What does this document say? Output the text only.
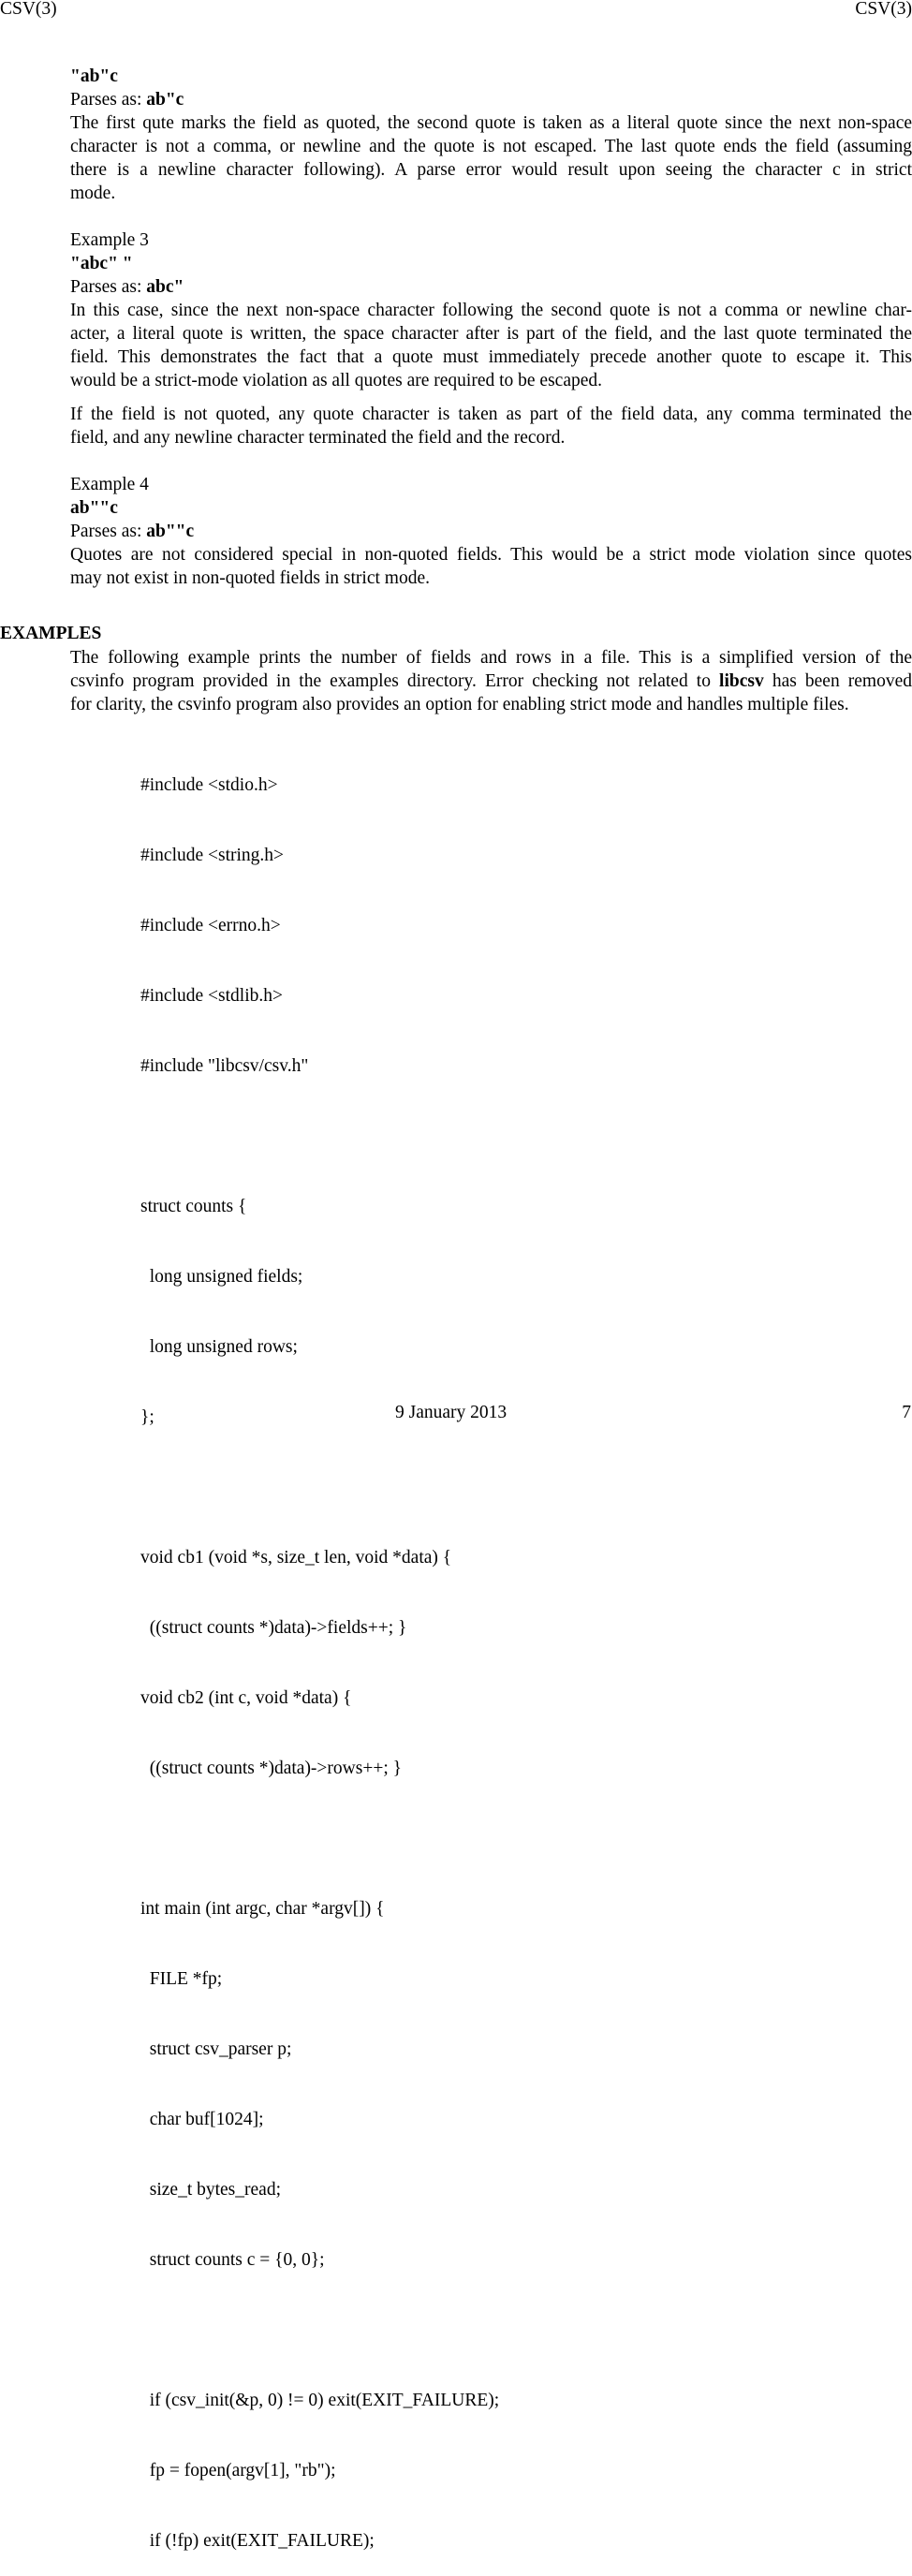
CSV(3)	CSV(3)
"ab"c
Parses as: ab"c
The first qute marks the field as quoted, the second quote is taken as a literal quote since the next non-space
character is not a comma, or newline and the quote is not escaped. The last quote ends the field (assuming
there is a newline character following). A parse error would result upon seeing the character c in strict
mode.
Example 3
"abc" "
Parses as: abc"
In this case, since the next non-space character following the second quote is not a comma or newline char-
acter, a literal quote is written, the space character after is part of the field, and the last quote terminated the
field. This demonstrates the fact that a quote must immediately precede another quote to escape it. This
would be a strict-mode violation as all quotes are required to be escaped.
If the field is not quoted, any quote character is taken as part of the field data, any comma terminated the
field, and any newline character terminated the field and the record.
Example 4
ab""c
Parses as: ab""c
Quotes are not considered special in non-quoted fields. This would be a strict mode violation since quotes
may not exist in non-quoted fields in strict mode.
EXAMPLES
The following example prints the number of fields and rows in a file. This is a simplified version of the
csvinfo program provided in the examples directory. Error checking not related to libcsv has been removed
for clarity, the csvinfo program also provides an option for enabling strict mode and handles multiple files.

#include <stdio.h>

#include <string.h>

#include <errno.h>

#include <stdlib.h>

#include "libcsv/csv.h"

struct counts {

long unsigned fields;

long unsigned rows;

};

void cb1 (void *s, size_t len, void *data) {

((struct counts *)data)->fields++; }

void cb2 (int c, void *data) {

((struct counts *)data)->rows++; }

int main (int argc, char *argv[]) {

FILE *fp;

struct csv_parser p;

char buf[1024];

size_t bytes_read;

struct counts c = {0, 0};

if (csv_init(&p, 0) != 0) exit(EXIT_FAILURE);

fp = fopen(argv[1], "rb");

if (!fp) exit(EXIT_FAILURE);

9 January 2013	7
